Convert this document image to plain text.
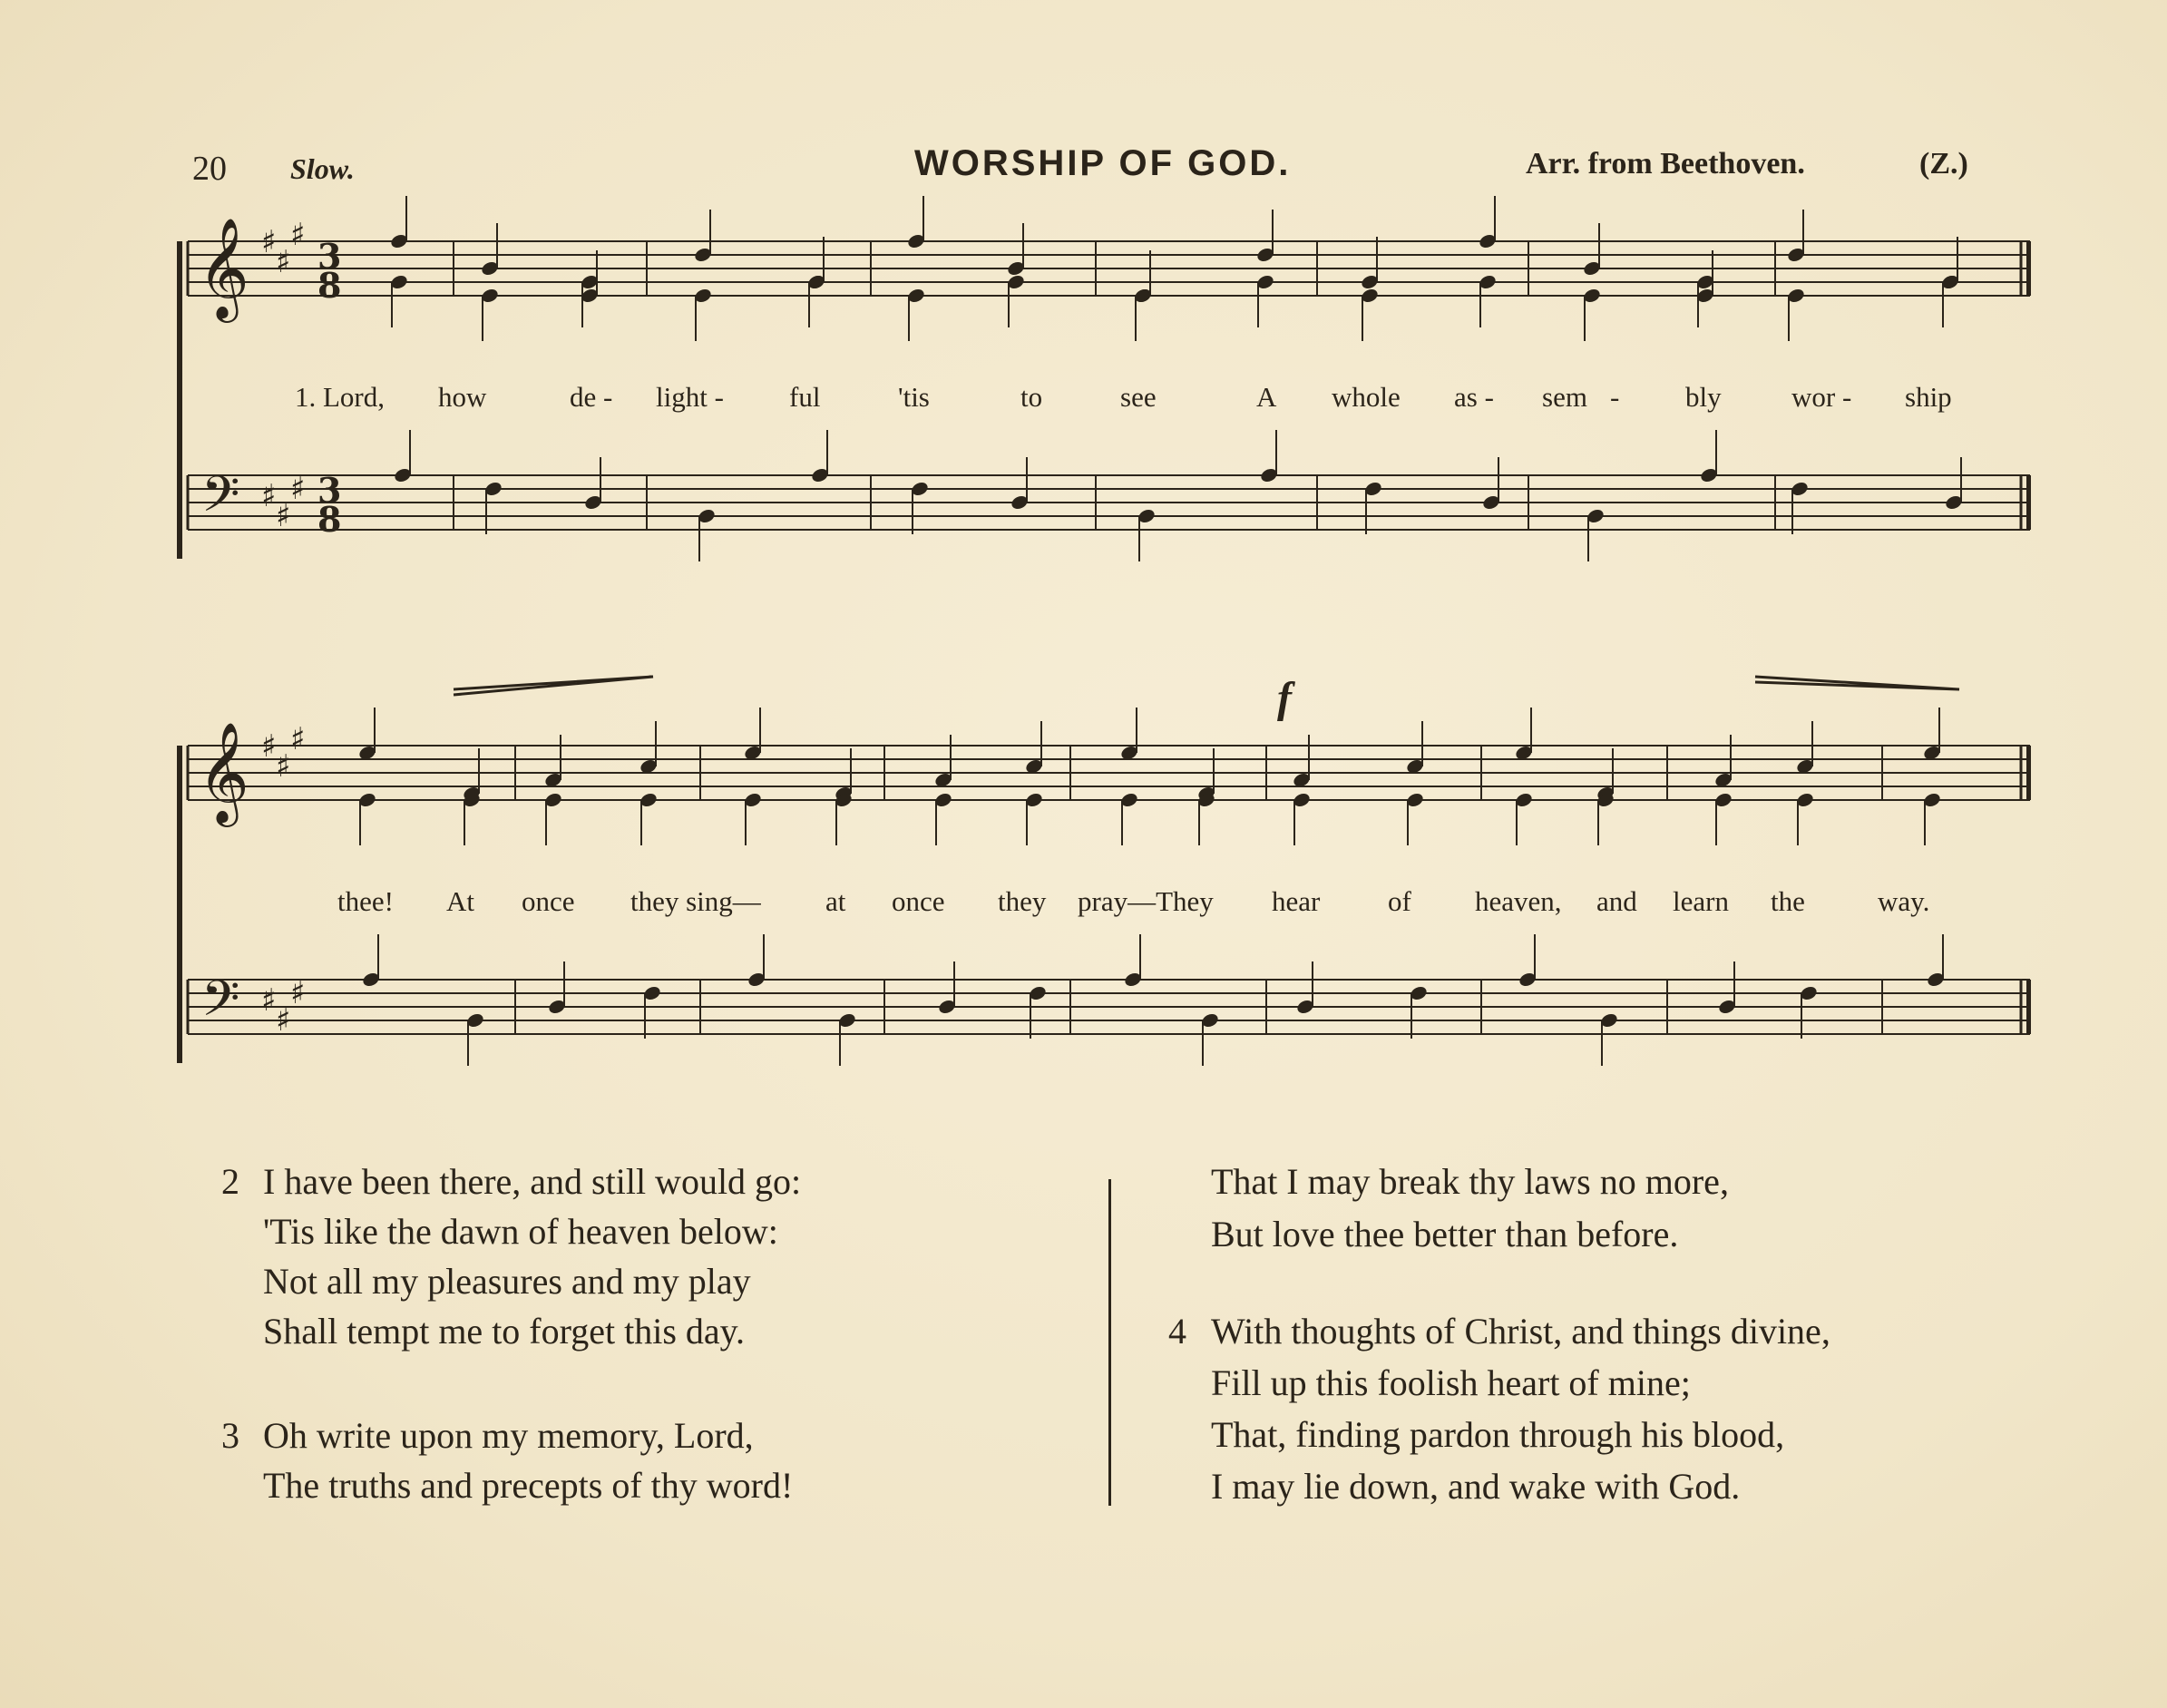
20 Slow.	WORSHIP OF GOD.	Arr. from Beethoven.	(Z.)
f
𝄞 ♯
♯
♯
3
8
𝄢 ♯
♯
♯ 3
8
𝄞 ♯
♯
♯
𝄢 ♯
♯
♯
1. Lord, how	de - light - ful	'tis	to	see	A whole as - sem - bly wor - ship
thee! At once they sing— at once they pray—They hear of heaven, and learn the	way.
2 I have been there, and still would go:
'Tis like the dawn of heaven below:
Not all my pleasures and my play
Shall tempt me to forget this day.
3 Oh write upon my memory, Lord,
The truths and precepts of thy word!
That I may break thy laws no more,
But love thee better than before.
4 With thoughts of Christ, and things divine,
Fill up this foolish heart of mine;
That, finding pardon through his blood,
I may lie down, and wake with God.
